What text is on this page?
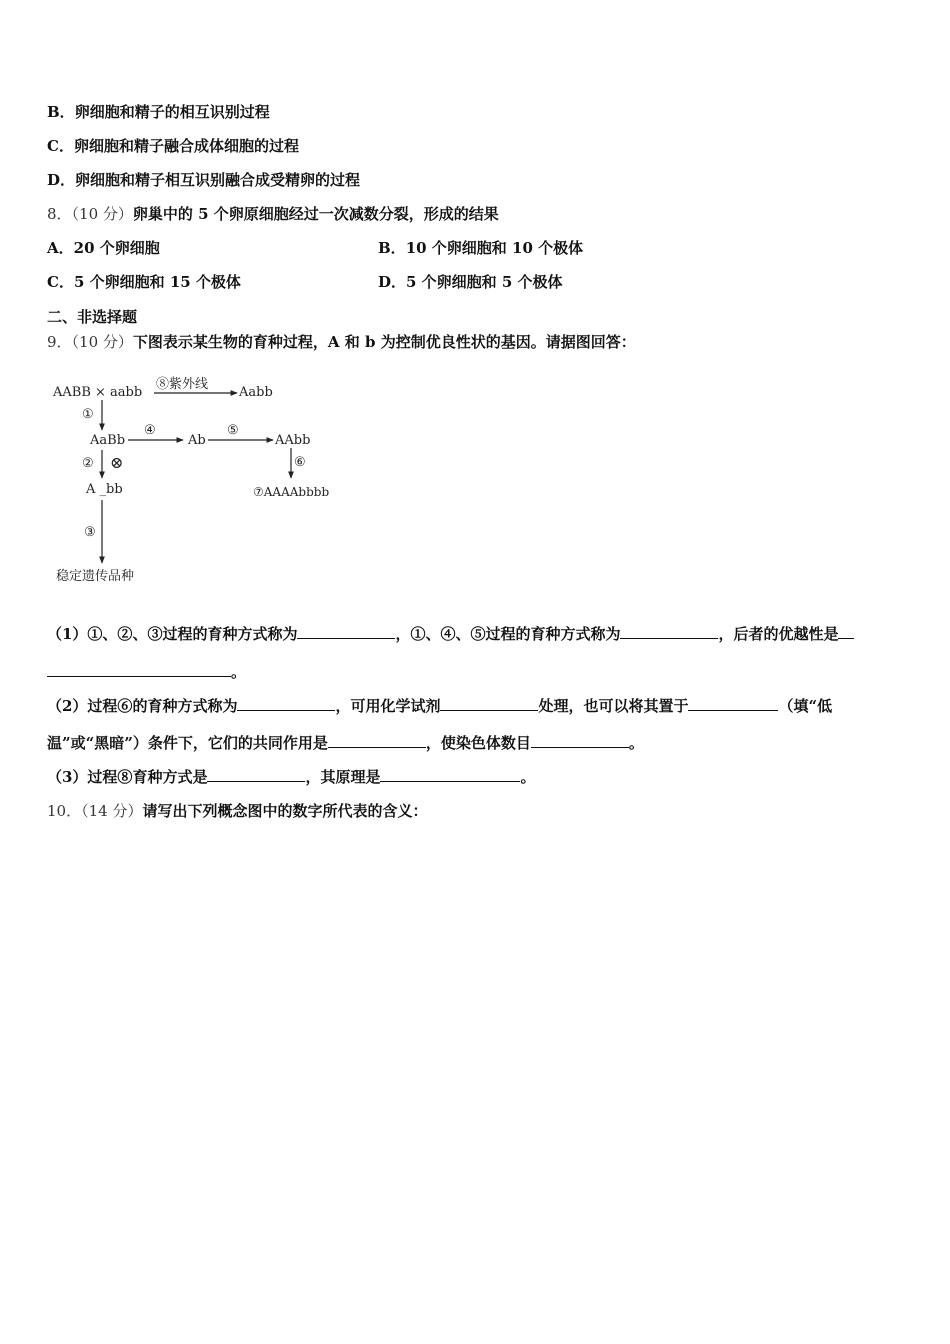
B．卵细胞和精子的相互识别过程
C．卵细胞和精子融合成体细胞的过程
D．卵细胞和精子相互识别融合成受精卵的过程
8．（10 分）卵巢中的 5 个卵原细胞经过一次减数分裂，形成的结果
A．20 个卵细胞	B．10 个卵细胞和 10 个极体
C．5 个卵细胞和 15 个极体	D．5 个卵细胞和 5 个极体
二、非选择题
9．（10 分）下图表示某生物的育种过程，A 和 b 为控制优良性状的基因。请据图回答：
AABB × aabb
⑧紫外线
Aabb
①
AaBb
④
Ab
⑤
AAbb
② ⊗	⑥
A _bb	⑦AAAAbbbb
③
稳定遗传品种
（1）①、②、③过程的育种方式称为	，①、④、⑤过程的育种方式称为	，后者的优越性是
。
（2）过程⑥的育种方式称为	，可用化学试剂	处理，也可以将其置于	（填“低
温”或“黑暗”）条件下，它们的共同作用是	，使染色体数目	。
（3）过程⑧育种方式是	，其原理是	。
10．（14 分）请写出下列概念图中的数字所代表的含义：
